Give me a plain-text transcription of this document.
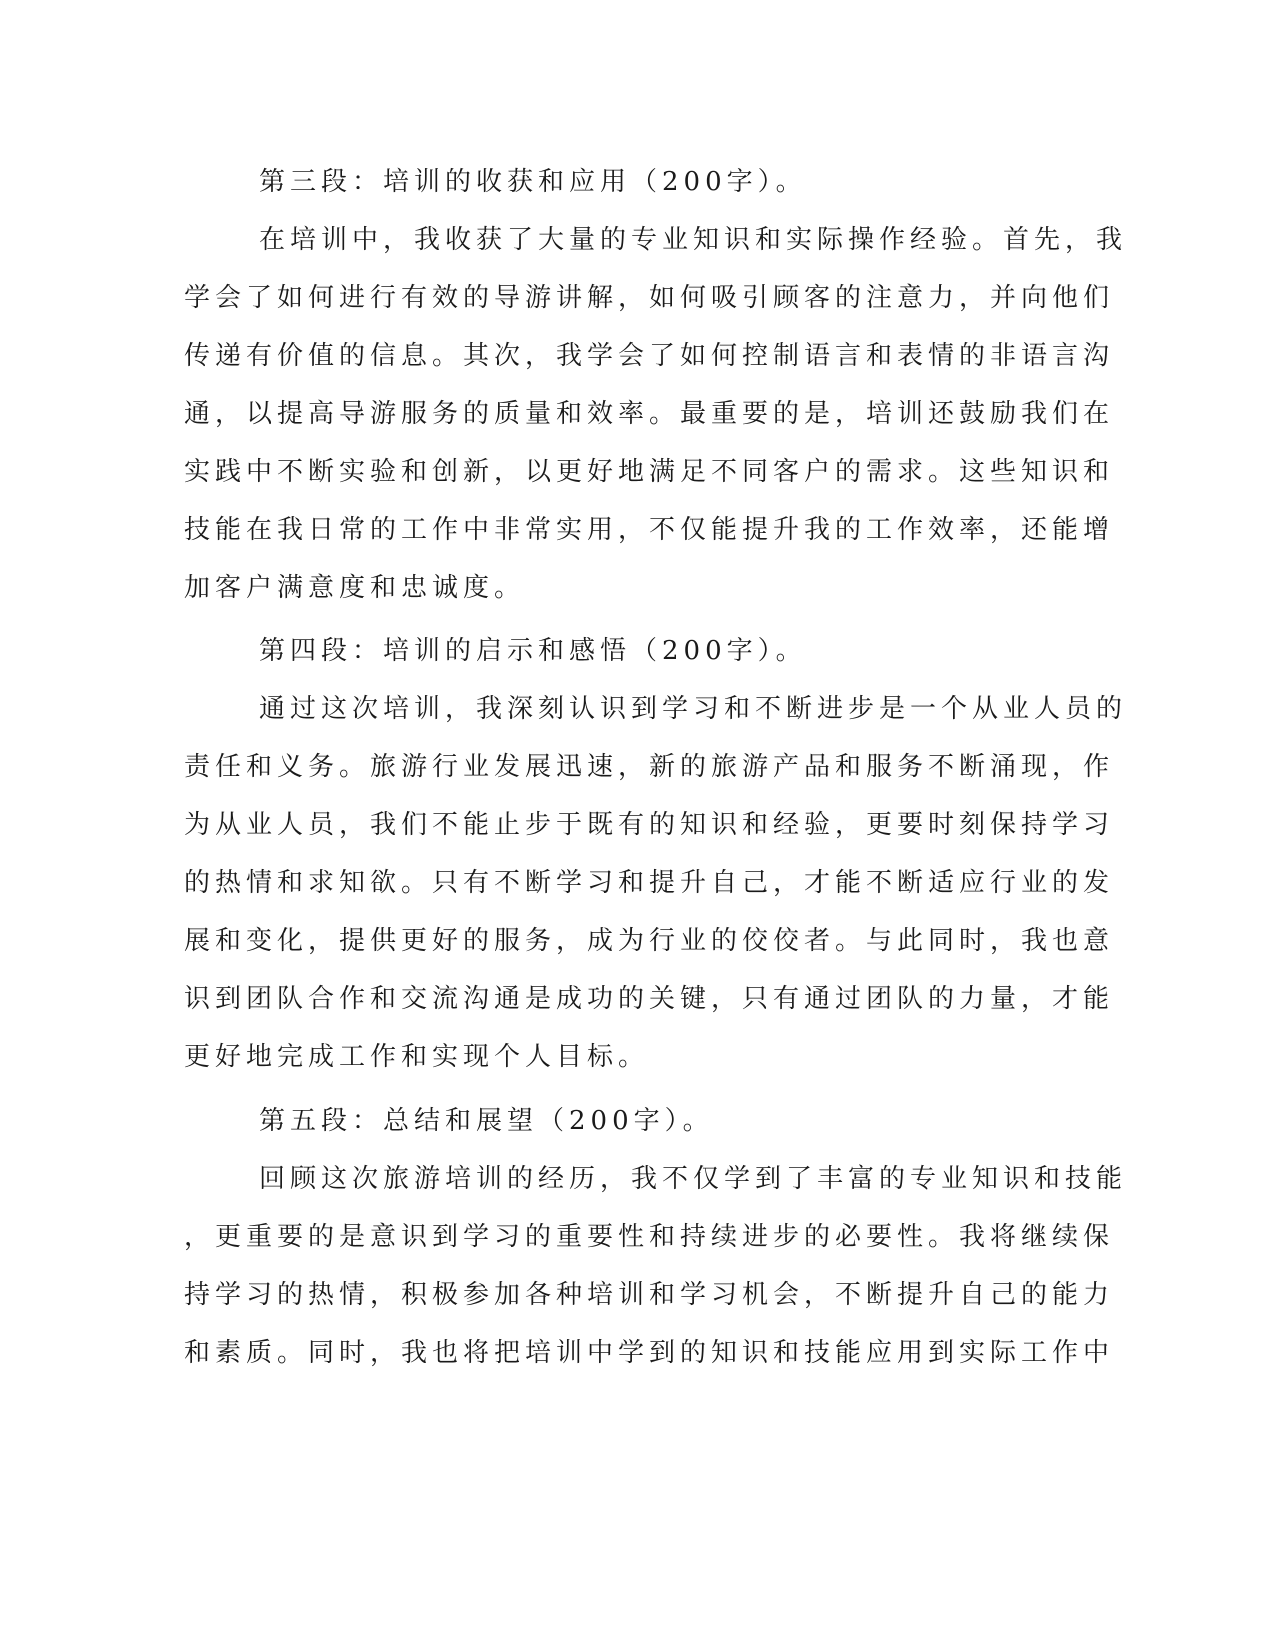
第三段：培训的收获和应用（200字）。
在培训中，我收获了大量的专业知识和实际操作经验。首先，我
学会了如何进行有效的导游讲解，如何吸引顾客的注意力，并向他们
传递有价值的信息。其次，我学会了如何控制语言和表情的非语言沟
通，以提高导游服务的质量和效率。最重要的是，培训还鼓励我们在
实践中不断实验和创新，以更好地满足不同客户的需求。这些知识和
技能在我日常的工作中非常实用，不仅能提升我的工作效率，还能增
加客户满意度和忠诚度。
第四段：培训的启示和感悟（200字）。
通过这次培训，我深刻认识到学习和不断进步是一个从业人员的
责任和义务。旅游行业发展迅速，新的旅游产品和服务不断涌现，作
为从业人员，我们不能止步于既有的知识和经验，更要时刻保持学习
的热情和求知欲。只有不断学习和提升自己，才能不断适应行业的发
展和变化，提供更好的服务，成为行业的佼佼者。与此同时，我也意
识到团队合作和交流沟通是成功的关键，只有通过团队的力量，才能
更好地完成工作和实现个人目标。
第五段：总结和展望（200字）。
回顾这次旅游培训的经历，我不仅学到了丰富的专业知识和技能
，更重要的是意识到学习的重要性和持续进步的必要性。我将继续保
持学习的热情，积极参加各种培训和学习机会，不断提升自己的能力
和素质。同时，我也将把培训中学到的知识和技能应用到实际工作中
